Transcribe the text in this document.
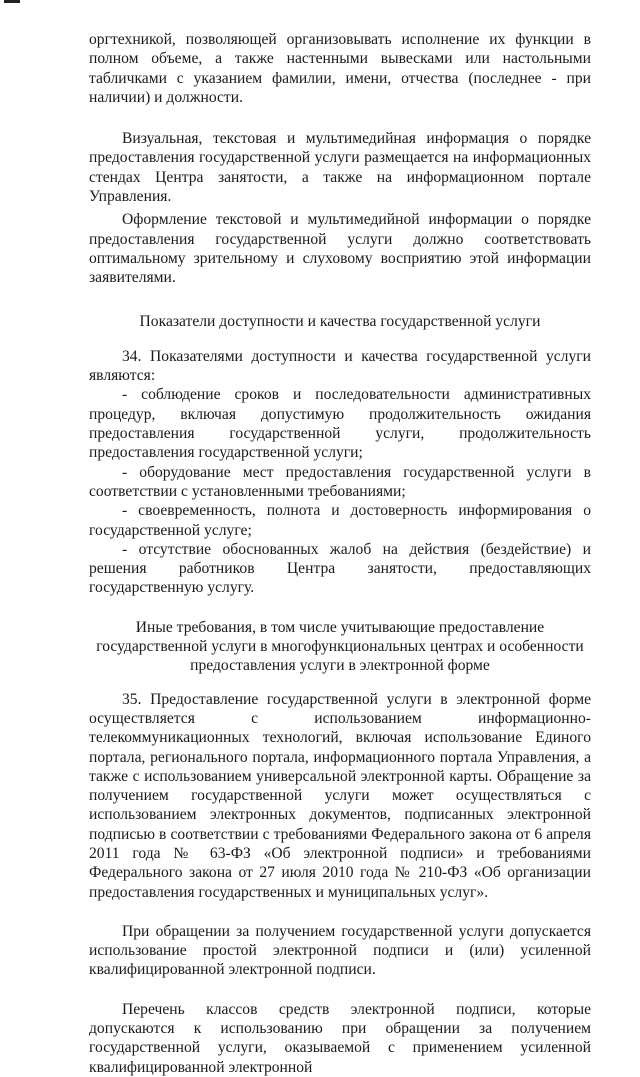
оргтехникой, позволяющей организовывать исполнение их функции в полном объеме, а также настенными вывесками или настольными табличками с указанием фамилии, имени, отчества (последнее - при наличии) и должности.

Визуальная, текстовая и мультимедийная информация о порядке предоставления государственной услуги размещается на информационных стендах Центра занятости, а также на информационном портале Управления.

Оформление текстовой и мультимедийной информации о порядке предоставления государственной услуги должно соответствовать оптимальному зрительному и слуховому восприятию этой информации заявителями.

Показатели доступности и качества государственной услуги

34. Показателями доступности и качества государственной услуги являются:

- соблюдение сроков и последовательности административных процедур, включая допустимую продолжительность ожидания предоставления государственной услуги, продолжительность предоставления государственной услуги;

- оборудование мест предоставления государственной услуги в соответствии с установленными требованиями;

- своевременность, полнота и достоверность информирования о государственной услуге;

- отсутствие обоснованных жалоб на действия (бездействие) и решения работников Центра занятости, предоставляющих государственную услугу.

Иные требования, в том числе учитывающие предоставление

государственной услуги в многофункциональных центрах и особенности

предоставления услуги в электронной форме

35. Предоставление государственной услуги в электронной форме осуществляется с использованием информационно-телекоммуникационных технологий, включая использование Единого портала, регионального портала, информационного портала Управления, а также с использованием универсальной электронной карты. Обращение за получением государственной услуги может осуществляться с использованием электронных документов, подписанных электронной подписью в соответствии с требованиями Федерального закона от 6 апреля 2011 года № 63-ФЗ «Об электронной подписи» и требованиями Федерального закона от 27 июля 2010 года № 210-ФЗ «Об организации предоставления государственных и муниципальных услуг».

При обращении за получением государственной услуги допускается использование простой электронной подписи и (или) усиленной квалифицированной электронной подписи.

Перечень классов средств электронной подписи, которые допускаются к использованию при обращении за получением государственной услуги, оказываемой с применением усиленной квалифицированной электронной
